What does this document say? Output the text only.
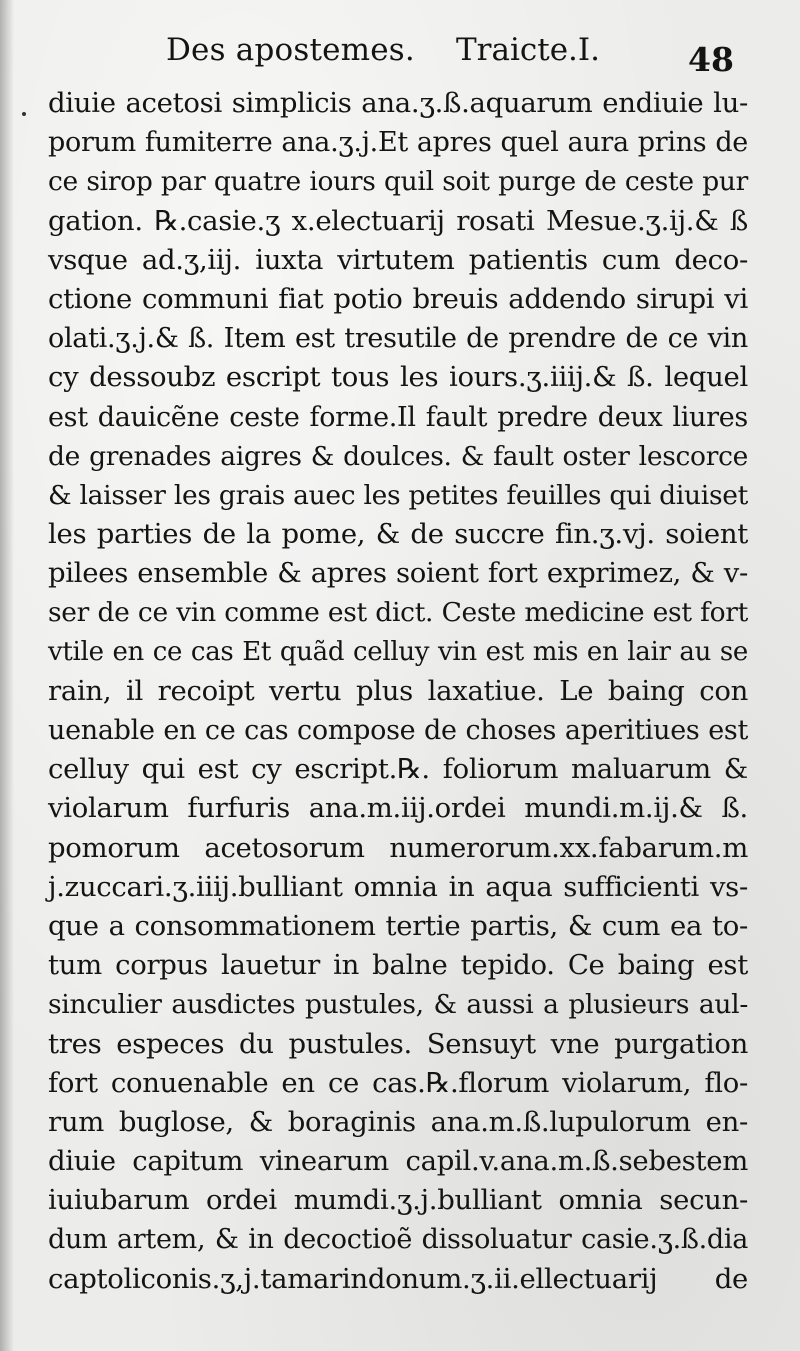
Des apostemes. Traicte.I.	48
diuie acetosi simplicis ana.ʒ.ß.aquarum endiuie lu-
porum fumiterre ana.ʒ.j.Et apres quel aura prins de
ce sirop par quatre iours quil soit purge de ceste pur
gation. ℞.casie.ʒ x.electuarij rosati Mesue.ʒ.ij.& ß
vsque ad.ʒ,iij. iuxta virtutem patientis cum deco-
ctione communi fiat potio breuis addendo sirupi vi
olati.ʒ.j.& ß. Item est tresutile de prendre de ce vin
cy dessoubz escript tous les iours.ʒ.iiij.& ß. lequel
est dauicẽne ceste forme.Il fault predre deux liures
de grenades aigres & doulces. & fault oster lescorce
& laisser les grais auec les petites feuilles qui diuiset
les parties de la pome, & de succre fin.ʒ.vj. soient
pilees ensemble & apres soient fort exprimez, & v-
ser de ce vin comme est dict. Ceste medicine est fort
vtile en ce cas Et quãd celluy vin est mis en lair au se
rain, il recoipt vertu plus laxatiue. Le baing con
uenable en ce cas compose de choses aperitiues est
celluy qui est cy escript.℞. foliorum maluarum &
violarum furfuris ana.m.iij.ordei mundi.m.ij.& ß.
pomorum acetosorum numerorum.xx.fabarum.m
j.zuccari.ʒ.iiij.bulliant omnia in aqua sufficienti vs-
que a consommationem tertie partis, & cum ea to-
tum corpus lauetur in balne tepido. Ce baing est
sinculier ausdictes pustules, & aussi a plusieurs aul-
tres especes du pustules. Sensuyt vne purgation
fort conuenable en ce cas.℞.florum violarum, flo-
rum buglose, & boraginis ana.m.ß.lupulorum en-
diuie capitum vinearum capil.v.ana.m.ß.sebestem
iuiubarum ordei mumdi.ʒ.j.bulliant omnia secun-
dum artem, & in decoctioẽ dissoluatur casie.ʒ.ß.dia
captoliconis.ʒ,j.tamarindonum.ʒ.ii.ellectuarij de
